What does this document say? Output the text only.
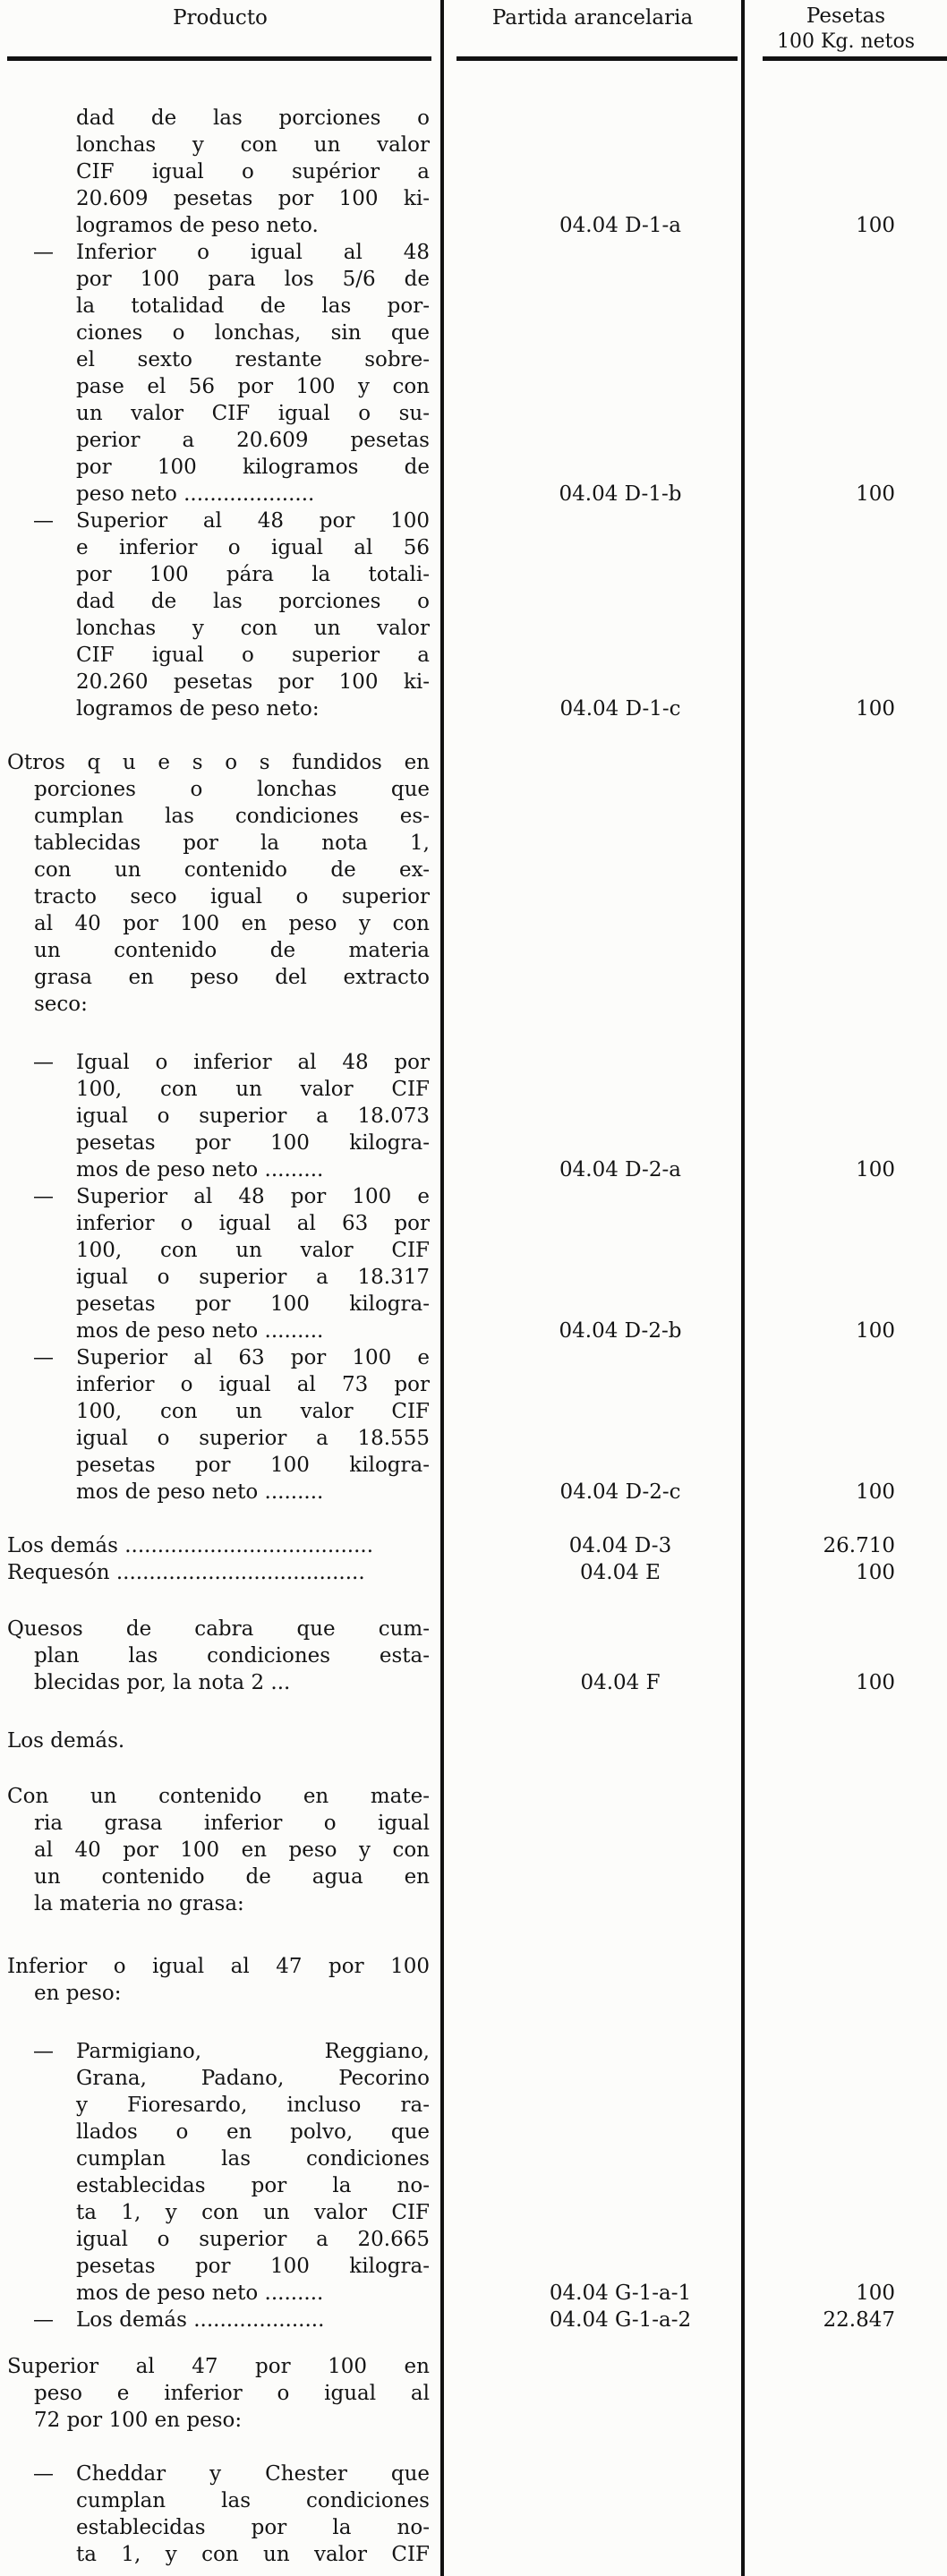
Producto	Partida arancelaria	Pesetas
100 Kg. netos
dad de las porciones o
lonchas y con un valor
CIF igual o supérior a
20.609 pesetas por 100 ki-
logramos de peso neto.	04.04 D-1-a	100
— Inferior o igual al 48
por 100 para los 5/6 de
la totalidad de las por-
ciones o lonchas, sin que
el sexto restante sobre-
pase el 56 por 100 y con
un valor CIF igual o su-
perior a 20.609 pesetas
por 100 kilogramos de
peso neto ....................	04.04 D-1-b	100
— Superior al 48 por 100
e inferior o igual al 56
por 100 pára la totali-
dad de las porciones o
lonchas y con un valor
CIF igual o superior a
20.260 pesetas por 100 ki-
logramos de peso neto:	04.04 D-1-c	100
Otros q u e s o s fundidos en
porciones o lonchas que
cumplan las condiciones es-
tablecidas por la nota 1,
con un contenido de ex-
tracto seco igual o superior
al 40 por 100 en peso y con
un contenido de materia
grasa en peso del extracto
seco:
— Igual o inferior al 48 por
100, con un valor CIF
igual o superior a 18.073
pesetas por 100 kilogra-
mos de peso neto .........	04.04 D-2-a	100
— Superior al 48 por 100 e
inferior o igual al 63 por
100, con un valor CIF
igual o superior a 18.317
pesetas por 100 kilogra-
mos de peso neto .........	04.04 D-2-b	100
— Superior al 63 por 100 e
inferior o igual al 73 por
100, con un valor CIF
igual o superior a 18.555
pesetas por 100 kilogra-
mos de peso neto .........	04.04 D-2-c	100
Los demás ......................................	04.04 D-3	26.710
Requesón ......................................	04.04 E	100
Quesos de cabra que cum-
plan las condiciones esta-
blecidas por, la nota 2 ...	04.04 F	100
Los demás.
Con un contenido en mate-
ria grasa inferior o igual
al 40 por 100 en peso y con
un contenido de agua en
la materia no grasa:
Inferior o igual al 47 por 100
en peso:
— Parmigiano, Reggiano,
Grana, Padano, Pecorino
y Fioresardo, incluso ra-
llados o en polvo, que
cumplan las condiciones
establecidas por la no-
ta 1, y con un valor CIF
igual o superior a 20.665
pesetas por 100 kilogra-
mos de peso neto .........	04.04 G-1-a-1	100
— Los demás ....................	04.04 G-1-a-2	22.847
Superior al 47 por 100 en
peso e inferior o igual al
72 por 100 en peso:
— Cheddar y Chester que
cumplan las condiciones
establecidas por la no-
ta 1, y con un valor CIF
